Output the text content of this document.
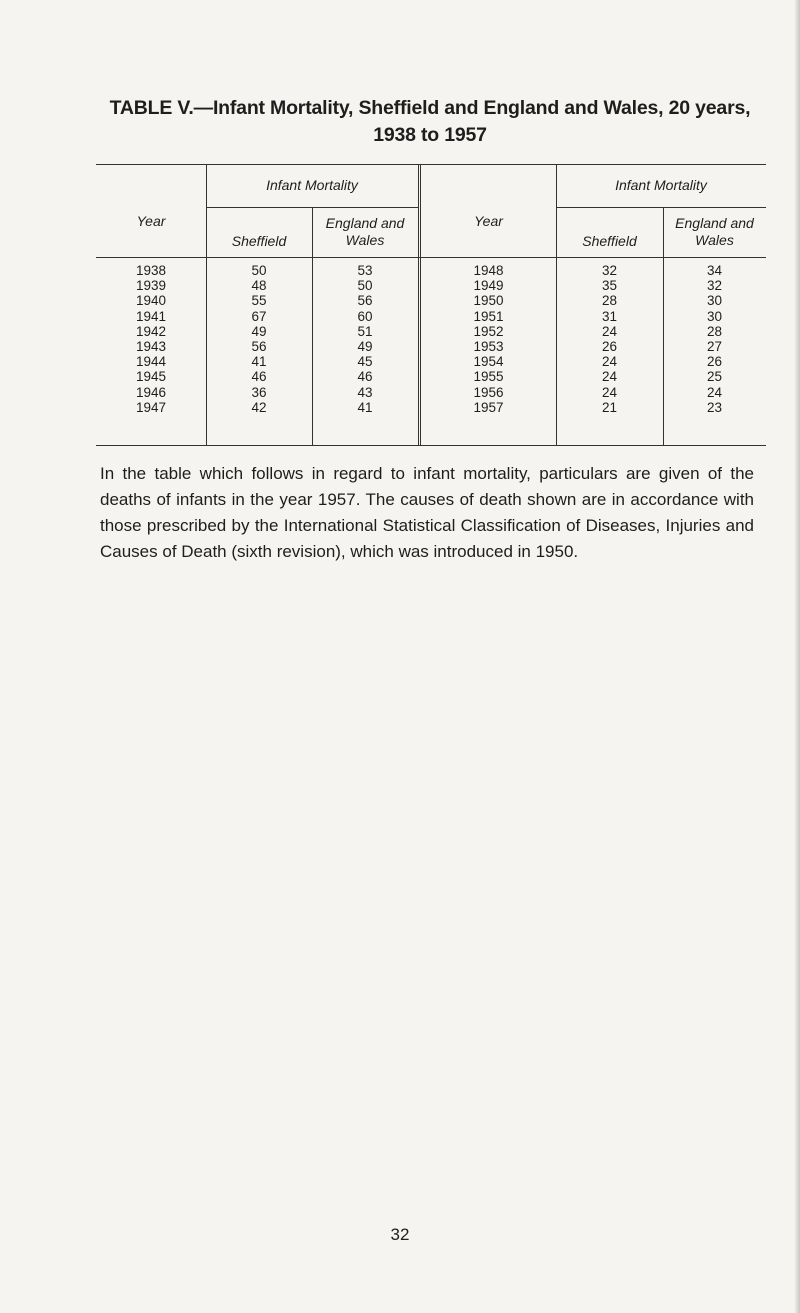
TABLE V.—Infant Mortality, Sheffield and England and Wales, 20 years,
1938 to 1957
Year
Infant Mortality
Sheffield
England and Wales
Year
Infant Mortality
Sheffield
England and Wales
1938
1939
1940
1941
1942
1943
1944
1945
1946
1947
50
48
55
67
49
56
41
46
36
42
53
50
56
60
51
49
45
46
43
41
1948
1949
1950
1951
1952
1953
1954
1955
1956
1957
32
35
28
31
24
26
24
24
24
21
34
32
30
30
28
27
26
25
24
23
In the table which follows in regard to infant mortality, particulars are given of the deaths of infants in the year 1957. The causes of death shown are in accordance with those prescribed by the International Statistical Classification of Diseases, Injuries and Causes of Death (sixth revision), which was introduced in 1950.
32
